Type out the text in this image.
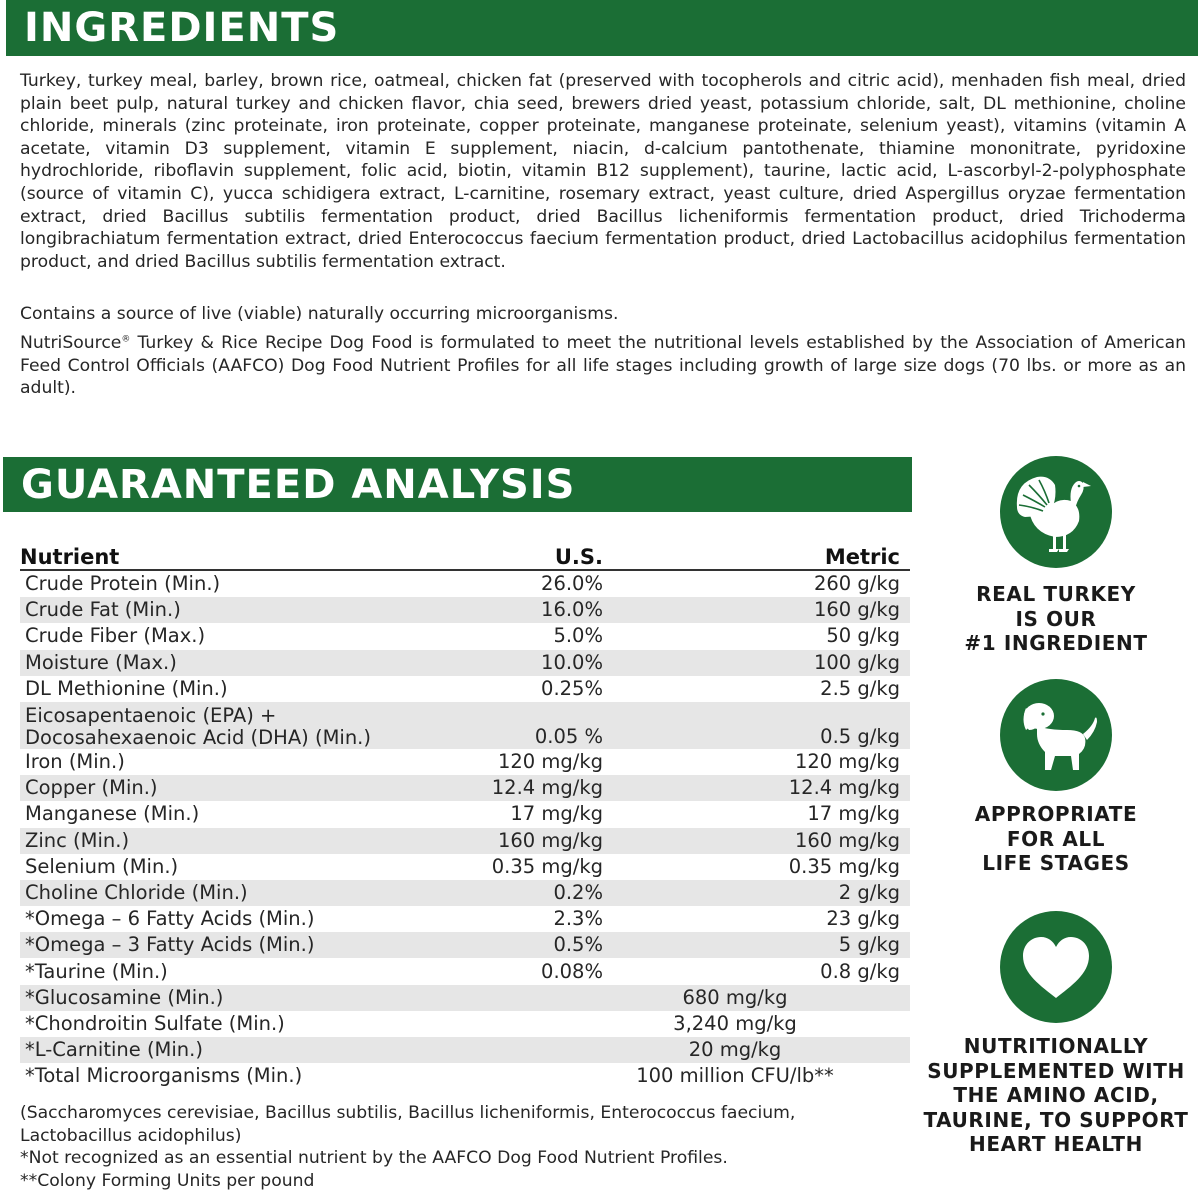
INGREDIENTS
Turkey, turkey meal, barley, brown rice, oatmeal, chicken fat (preserved with tocopherols and citric acid), menhaden fish meal, dried plain beet pulp, natural turkey and chicken flavor, chia seed, brewers dried yeast, potassium chloride, salt, DL methionine, choline chloride, minerals (zinc proteinate, iron proteinate, copper proteinate, manganese proteinate, selenium yeast), vitamins (vitamin A acetate, vitamin D3 supplement, vitamin E supplement, niacin, d-calcium pantothenate, thiamine mononitrate, pyridoxine hydrochloride, riboflavin supplement, folic acid, biotin, vitamin B12 supplement), taurine, lactic acid, L-ascorbyl-2-polyphosphate (source of vitamin C), yucca schidigera extract, L-carnitine, rosemary extract, yeast culture, dried Aspergillus oryzae fermentation extract, dried Bacillus subtilis fermentation product, dried Bacillus licheniformis fermentation product, dried Trichoderma longibrachiatum fermentation extract, dried Enterococcus faecium fermentation product, dried Lactobacillus acidophilus fermentation product, and dried Bacillus subtilis fermentation extract.
Contains a source of live (viable) naturally occurring microorganisms.
NutriSource® Turkey & Rice Recipe Dog Food is formulated to meet the nutritional levels established by the Association of American Feed Control Officials (AAFCO) Dog Food Nutrient Profiles for all life stages including growth of large size dogs (70 lbs. or more as an adult).
GUARANTEED ANALYSIS
Nutrient	U.S.	Metric
Crude Protein (Min.)	26.0%	260 g/kg
Crude Fat (Min.)	16.0%	160 g/kg
Crude Fiber (Max.)	5.0%	50 g/kg
Moisture (Max.)	10.0%	100 g/kg
DL Methionine (Min.)	0.25%	2.5 g/kg

Eicosapentaenoic (EPA) +
Docosahexaenoic Acid (DHA) (Min.)	0.05 %	0.5 g/kg
Iron (Min.)	120 mg/kg	120 mg/kg
Copper (Min.)	12.4 mg/kg	12.4 mg/kg
Manganese (Min.)	17 mg/kg	17 mg/kg
Zinc (Min.)	160 mg/kg	160 mg/kg
Selenium (Min.)	0.35 mg/kg	0.35 mg/kg
Choline Chloride (Min.)	0.2%	2 g/kg
*Omega – 6 Fatty Acids (Min.)	2.3%	23 g/kg
*Omega – 3 Fatty Acids (Min.)	0.5%	5 g/kg
*Taurine (Min.)	0.08%	0.8 g/kg
*Glucosamine (Min.)	680 mg/kg	
*Chondroitin Sulfate (Min.)	3,240 mg/kg	
*L-Carnitine (Min.)	20 mg/kg	
*Total Microorganisms (Min.)	100 million CFU/lb**	
(Saccharomyces cerevisiae, Bacillus subtilis, Bacillus licheniformis, Enterococcus faecium,
Lactobacillus acidophilus)
*Not recognized as an essential nutrient by the AAFCO Dog Food Nutrient Profiles.
**Colony Forming Units per pound
REAL TURKEY
IS OUR
#1 INGREDIENT
APPROPRIATE
FOR ALL
LIFE STAGES
NUTRITIONALLY
SUPPLEMENTED WITH
THE AMINO ACID,
TAURINE, TO SUPPORT
HEART HEALTH
